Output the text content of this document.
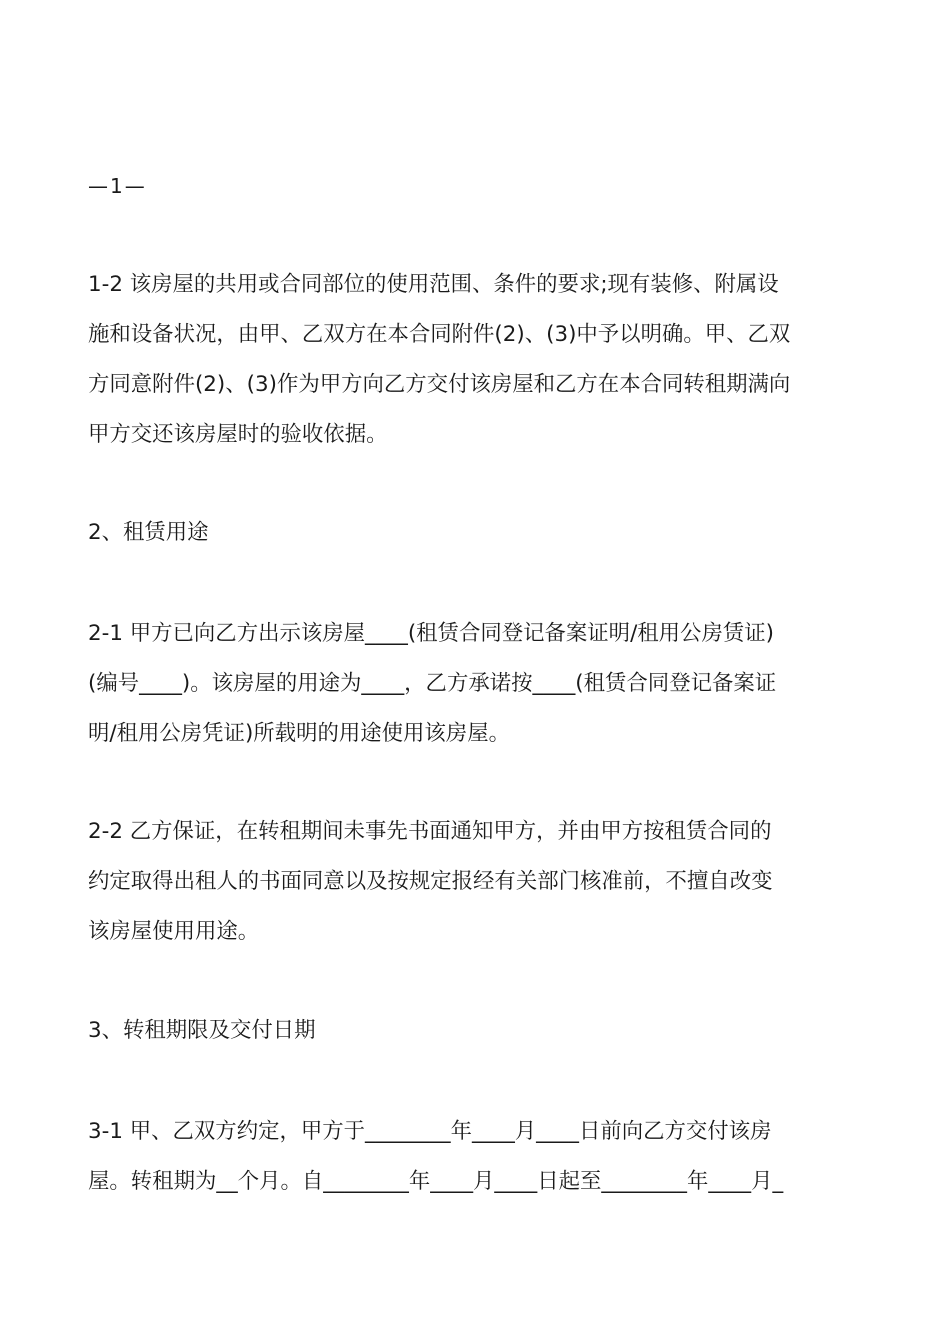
—1—
1-2 该房屋的共用或合同部位的使用范围、条件的要求;现有装修、附属设
施和设备状况，由甲、乙双方在本合同附件(2)、(3)中予以明确。甲、乙双
方同意附件(2)、(3)作为甲方向乙方交付该房屋和乙方在本合同转租期满向
甲方交还该房屋时的验收依据。
2、租赁用途
2-1 甲方已向乙方出示该房屋____(租赁合同登记备案证明/租用公房赁证)
(编号____)。该房屋的用途为____，乙方承诺按____(租赁合同登记备案证
明/租用公房凭证)所载明的用途使用该房屋。
2-2 乙方保证，在转租期间未事先书面通知甲方，并由甲方按租赁合同的
约定取得出租人的书面同意以及按规定报经有关部门核准前，不擅自改变
该房屋使用用途。
3、转租期限及交付日期
3-1 甲、乙双方约定，甲方于________年____月____日前向乙方交付该房
屋。转租期为__个月。自________年____月____日起至________年____月_
